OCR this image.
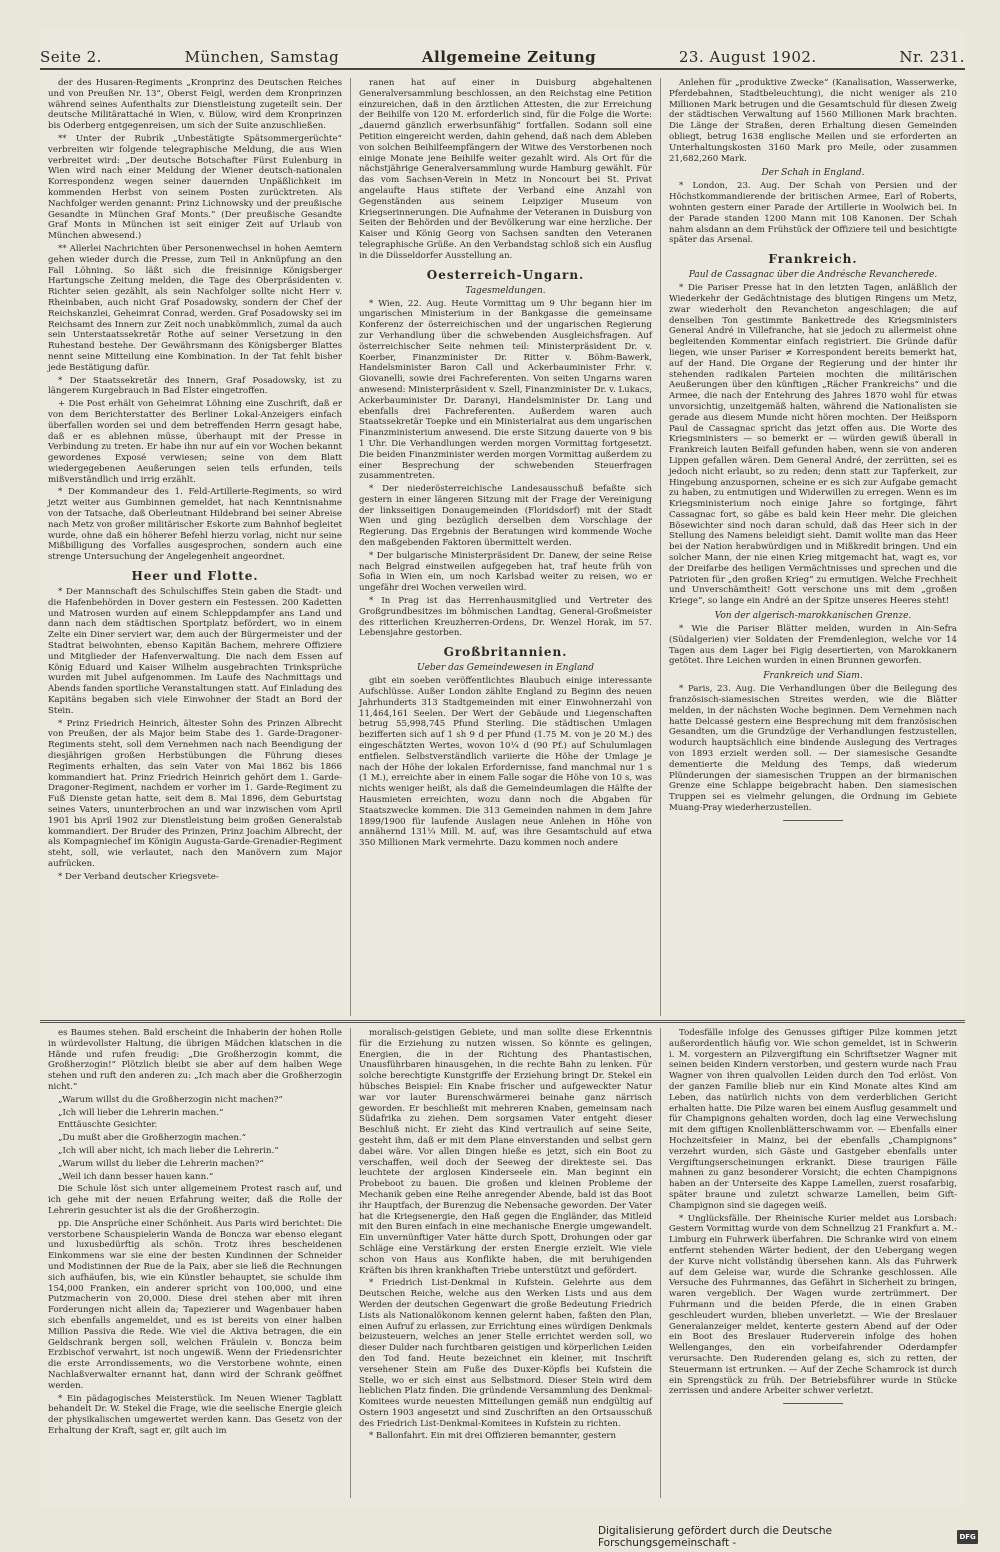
Seite 2.	München, Samstag	Allgemeine Zeitung	23. August 1902.	Nr. 231.

der des Husaren-Regiments „Kronprinz des Deutschen Reiches und von Preußen Nr. 13“, Oberst Feigl, werden dem Kronprinzen während seines Aufenthalts zur Dienstleistung zugeteilt sein. Der deutsche Militärattaché in Wien, v. Bülow, wird dem Kronprinzen bis Oderberg entgegenreisen, um sich der Suite anzuschließen.

** Unter der Rubrik „Unbestätigte Spätsommergerüchte“ verbreiten wir folgende telegraphische Meldung, die aus Wien verbreitet wird: „Der deutsche Botschafter Fürst Eulenburg in Wien wird nach einer Meldung der Wiener deutsch-nationalen Korrespondenz wegen seiner dauernden Unpäßlichkeit im kommenden Herbst von seinem Posten zurücktreten. Als Nachfolger werden genannt: Prinz Lichnowsky und der preußische Gesandte in München Graf Monts.“ (Der preußische Gesandte Graf Monts in München ist seit einiger Zeit auf Urlaub von München abwesend.)

** Allerlei Nachrichten über Personenwechsel in hohen Aemtern gehen wieder durch die Presse, zum Teil in Anknüpfung an den Fall Löhning. So läßt sich die freisinnige Königsberger Hartungsche Zeitung melden, die Tage des Oberpräsidenten v. Richter seien gezählt, als sein Nachfolger sollte nicht Herr v. Rheinbaben, auch nicht Graf Posadowsky, sondern der Chef der Reichskanzlei, Geheimrat Conrad, werden. Graf Posadowsky sei im Reichsamt des Innern zur Zeit noch unabkömmlich, zumal da auch sein Unterstaatssekretär Rothe auf seiner Versetzung in den Ruhestand bestehe. Der Gewährsmann des Königsberger Blattes nennt seine Mitteilung eine Kombination. In der Tat fehlt bisher jede Bestätigung dafür.

* Der Staatssekretär des Innern, Graf Posadowsky, ist zu längerem Kurgebrauch in Bad Elster eingetroffen.

+ Die Post erhält von Geheimrat Löhning eine Zuschrift, daß er von dem Berichterstatter des Berliner Lokal-Anzeigers einfach überfallen worden sei und dem betreffenden Herrn gesagt habe, daß er es ablehnen müsse, überhaupt mit der Presse in Verbindung zu treten. Er habe ihn nur auf ein vor Wochen bekannt gewordenes Exposé verwiesen; seine von dem Blatt wiedergegebenen Aeußerungen seien teils erfunden, teils mißverständlich und irrig erzählt.

* Der Kommandeur des 1. Feld-Artillerie-Regiments, so wird jetzt weiter aus Gumbinnen gemeldet, hat nach Kenntnisnahme von der Tatsache, daß Oberleutnant Hildebrand bei seiner Abreise nach Metz von großer militärischer Eskorte zum Bahnhof begleitet wurde, ohne daß ein höherer Befehl hierzu vorlag, nicht nur seine Mißbilligung des Vorfalles ausgesprochen, sondern auch eine strenge Untersuchung der Angelegenheit angeordnet.

Heer und Flotte.

* Der Mannschaft des Schulschiffes Stein gaben die Stadt- und die Hafenbehörden in Dover gestern ein Festessen. 200 Kadetten und Matrosen wurden auf einem Schleppdampfer ans Land und dann nach dem städtischen Sportplatz befördert, wo in einem Zelte ein Diner serviert war, dem auch der Bürgermeister und der Stadtrat beiwohnten, ebenso Kapitän Bachem, mehrere Offiziere und Mitglieder der Hafenverwaltung. Die nach dem Essen auf König Eduard und Kaiser Wilhelm ausgebrachten Trinksprüche wurden mit Jubel aufgenommen. Im Laufe des Nachmittags und Abends fanden sportliche Veranstaltungen statt. Auf Einladung des Kapitäns begaben sich viele Einwohner der Stadt an Bord der Stein.

* Prinz Friedrich Heinrich, ältester Sohn des Prinzen Albrecht von Preußen, der als Major beim Stabe des 1. Garde-Dragoner-Regiments steht, soll dem Vernehmen nach nach Beendigung der diesjährigen großen Herbstübungen die Führung dieses Regiments erhalten, das sein Vater von Mai 1862 bis 1866 kommandiert hat. Prinz Friedrich Heinrich gehört dem 1. Garde-Dragoner-Regiment, nachdem er vorher im 1. Garde-Regiment zu Fuß Dienste getan hatte, seit dem 8. Mai 1896, dem Geburtstag seines Vaters, ununterbrochen an und war inzwischen vom April 1901 bis April 1902 zur Dienstleistung beim großen Generalstab kommandiert. Der Bruder des Prinzen, Prinz Joachim Albrecht, der als Kompagniechef im Königin Augusta-Garde-Grenadier-Regiment steht, soll, wie verlautet, nach den Manövern zum Major aufrücken.

* Der Verband deutscher Kriegsvete-

ranen hat auf einer in Duisburg abgehaltenen Generalversammlung beschlossen, an den Reichstag eine Petition einzureichen, daß in den ärztlichen Attesten, die zur Erreichung der Beihilfe von 120 M. erforderlich sind, für die Folge die Worte: „dauernd gänzlich erwerbsunfähig“ fortfallen. Sodann soll eine Petition eingereicht werden, dahin gehend, daß nach dem Ableben von solchen Beihilfeempfängern der Witwe des Verstorbenen noch einige Monate jene Beihilfe weiter gezahlt wird. Als Ort für die nächstjährige Generalversammlung wurde Hamburg gewählt. Für das vom Sachsen-Verein in Metz in Noncourt bei St. Privat angelaufte Haus stiftete der Verband eine Anzahl von Gegenständen aus seinem Leipziger Museum von Kriegserinnerungen. Die Aufnahme der Veteranen in Duisburg von Seiten der Behörden und der Bevölkerung war eine herzliche. Der Kaiser und König Georg von Sachsen sandten den Veteranen telegraphische Grüße. An den Verbandstag schloß sich ein Ausflug in die Düsseldorfer Ausstellung an.

Oesterreich-Ungarn.
Tagesmeldungen.

* Wien, 22. Aug. Heute Vormittag um 9 Uhr begann hier im ungarischen Ministerium in der Bankgasse die gemeinsame Konferenz der österreichischen und der ungarischen Regierung zur Verhandlung über die schwebenden Ausgleichsfragen. Auf österreichischer Seite nehmen teil: Ministerpräsident Dr. v. Koerber, Finanzminister Dr. Ritter v. Böhm-Bawerk, Handelsminister Baron Call und Ackerbauminister Frhr. v. Giovanelli, sowie drei Fachreferenten. Von seiten Ungarns waren anwesend: Ministerpräsident v. Szell, Finanzminister Dr. v. Lukacs, Ackerbauminister Dr. Daranyi, Handelsminister Dr. Lang und ebenfalls drei Fachreferenten. Außerdem waren auch Staatssekretär Toepke und ein Ministerialrat aus dem ungarischen Finanzministerium anwesend. Die erste Sitzung dauerte von 9 bis 1 Uhr. Die Verhandlungen werden morgen Vormittag fortgesetzt. Die beiden Finanzminister werden morgen Vormittag außerdem zu einer Besprechung der schwebenden Steuerfragen zusammentreten.

* Der niederösterreichische Landesausschuß befaßte sich gestern in einer längeren Sitzung mit der Frage der Vereinigung der linksseitigen Donaugemeinden (Floridsdorf) mit der Stadt Wien und ging bezüglich derselben dem Vorschlage der Regierung. Das Ergebnis der Beratungen wird kommende Woche den maßgebenden Faktoren übermittelt werden.

* Der bulgarische Ministerpräsident Dr. Danew, der seine Reise nach Belgrad einstweilen aufgegeben hat, traf heute früh von Sofia in Wien ein, um noch Karlsbad weiter zu reisen, wo er ungefähr drei Wochen verweilen wird.

* In Prag ist das Herrenhausmitglied und Vertreter des Großgrundbesitzes im böhmischen Landtag, General-Großmeister des ritterlichen Kreuzherren-Ordens, Dr. Wenzel Horak, im 57. Lebensjahre gestorben.

Großbritannien.
Ueber das Gemeindewesen in England

gibt ein soeben veröffentlichtes Blaubuch einige interessante Aufschlüsse. Außer London zählte England zu Beginn des neuen Jahrhunderts 313 Stadtgemeinden mit einer Einwohnerzahl von 11,464,161 Seelen. Der Wert der Gebäude und Liegenschaften betrug 55,998,745 Pfund Sterling. Die städtischen Umlagen bezifferten sich auf 1 sh 9 d per Pfund (1.75 M. von je 20 M.) des eingeschätzten Wertes, wovon 10¼ d (90 Pf.) auf Schulumlagen entfielen. Selbstverständlich variierte die Höhe der Umlage je nach der Höhe der lokalen Erfordernisse, fand manchmal nur 1 s (1 M.), erreichte aber in einem Falle sogar die Höhe von 10 s, was nichts weniger heißt, als daß die Gemeindeumlagen die Hälfte der Hausmieten erreichten, wozu dann noch die Abgaben für Staatszwecke kommen. Die 313 Gemeinden nahmen in dem Jahre 1899/1900 für laufende Auslagen neue Anlehen in Höhe von annähernd 131¼ Mill. M. auf, was ihre Gesamtschuld auf etwa 350 Millionen Mark vermehrte. Dazu kommen noch andere

Anlehen für „produktive Zwecke“ (Kanalisation, Wasserwerke, Pferdebahnen, Stadtbeleuchtung), die nicht weniger als 210 Millionen Mark betrugen und die Gesamtschuld für diesen Zweig der städtischen Verwaltung auf 1560 Millionen Mark brachten. Die Länge der Straßen, deren Erhaltung diesen Gemeinden obliegt, betrug 1638 englische Meilen und sie erforderten an Unterhaltungskosten 3160 Mark pro Meile, oder zusammen 21,682,260 Mark.

Der Schah in England.

* London, 23. Aug. Der Schah von Persien und der Höchstkommandierende der britischen Armee, Earl of Roberts, wohnten gestern einer Parade der Artillerie in Woolwich bei. In der Parade standen 1200 Mann mit 108 Kanonen. Der Schah nahm alsdann an dem Frühstück der Offiziere teil und besichtigte später das Arsenal.

Frankreich.
Paul de Cassagnac über die Andrésche Revancherede.

* Die Pariser Presse hat in den letzten Tagen, anläßlich der Wiederkehr der Gedächtnistage des blutigen Ringens um Metz, zwar wiederholt den Revancheton angeschlagen; die auf denselben Ton gestimmte Bankettrede des Kriegsministers General André in Villefranche, hat sie jedoch zu allermeist ohne begleitenden Kommentar einfach registriert. Die Gründe dafür liegen, wie unser Pariser ≠ Korrespondent bereits bemerkt hat, auf der Hand. Die Organe der Regierung und der hinter ihr stehenden radikalen Parteien mochten die militärischen Aeußerungen über den künftigen „Rächer Frankreichs“ und die Armee, die nach der Entehrung des Jahres 1870 wohl für etwas unvorsichtig, unzeitgemäß halten, während die Nationalisten sie gerade aus diesem Munde nicht hören mochten. Der Heißsporn Paul de Cassagnac spricht das jetzt offen aus. Die Worte des Kriegsministers — so bemerkt er — würden gewiß überall in Frankreich lauten Beifall gefunden haben, wenn sie von anderen Lippen gefallen wären. Dem General André, der zerrütten, sei es jedoch nicht erlaubt, so zu reden; denn statt zur Tapferkeit, zur Hingebung anzuspornen, scheine er es sich zur Aufgabe gemacht zu haben, zu entmutigen und Widerwillen zu erregen. Wenn es im Kriegsministerium noch einige Jahre so fortginge, fährt Cassagnac fort, so gäbe es bald kein Heer mehr. Die gleichen Bösewichter sind noch daran schuld, daß das Heer sich in der Stellung des Namens beleidigt sieht. Damit wollte man das Heer bei der Nation herabwürdigen und in Mißkredit bringen. Und ein solcher Mann, der nie einen Krieg mitgemacht hat, wagt es, vor der Dreifarbe des heiligen Vermächtnisses und sprechen und die Patrioten für „den großen Krieg“ zu ermutigen. Welche Frechheit und Unverschämtheit! Gott verschone uns mit dem „großen Kriege“, so lange ein André an der Spitze unseres Heeres steht!

Von der algerisch-marokkanischen Grenze.

* Wie die Pariser Blätter melden, wurden in Ain-Sefra (Südalgerien) vier Soldaten der Fremdenlegion, welche vor 14 Tagen aus dem Lager bei Figig desertierten, von Marokkanern getötet. Ihre Leichen wurden in einen Brunnen geworfen.

Frankreich und Siam.

* Paris, 23. Aug. Die Verhandlungen über die Beilegung des französisch-siamesischen Streites werden, wie die Blätter melden, in der nächsten Woche beginnen. Dem Vernehmen nach hatte Delcassé gestern eine Besprechung mit dem französischen Gesandten, um die Grundzüge der Verhandlungen festzustellen, wodurch hauptsächlich eine bindende Auslegung des Vertrages von 1893 erzielt werden soll. — Der siamesische Gesandte dementierte die Meldung des Temps, daß wiederum Plünderungen der siamesischen Truppen an der birmanischen Grenze eine Schlappe beigebracht haben. Den siamesischen Truppen sei es vielmehr gelungen, die Ordnung im Gebiete Muang-Pray wiederherzustellen.

es Baumes stehen. Bald erscheint die Inhaberin der hohen Rolle in würdevollster Haltung, die übrigen Mädchen klatschen in die Hände und rufen freudig: „Die Großherzogin kommt, die Großherzogin!“ Plötzlich bleibt sie aber auf dem halben Wege stehen und ruft den anderen zu: „Ich mach aber die Großherzogin nicht.“

„Warum willst du die Großherzogin nicht machen?“

„Ich will lieber die Lehrerin machen.“

Enttäuschte Gesichter.

„Du mußt aber die Großherzogin machen.“

„Ich will aber nicht, ich mach lieber die Lehrerin.“

„Warum willst du lieber die Lehrerin machen?“

„Weil ich dann besser hauen kann.“

Die Schule löst sich unter allgemeinem Protest rasch auf, und ich gehe mit der neuen Erfahrung weiter, daß die Rolle der Lehrerin gesuchter ist als die der Großherzogin.

pp. Die Ansprüche einer Schönheit. Aus Paris wird berichtet: Die verstorbene Schauspielerin Wanda de Boncza war ebenso elegant und luxusbedürftig als schön. Trotz ihres bescheidenen Einkommens war sie eine der besten Kundinnen der Schneider und Modistinnen der Rue de la Paix, aber sie ließ die Rechnungen sich aufhäufen, bis, wie ein Künstler behauptet, sie schulde ihm 154,000 Franken, ein anderer spricht von 100,000, und eine Putzmacherin von 20,000. Diese drei stehen aber mit ihren Forderungen nicht allein da; Tapezierer und Wagenbauer haben sich ebenfalls angemeldet, und es ist bereits von einer halben Million Passiva die Rede. Wie viel die Aktiva betragen, die ein Geldschrank bergen soll, welchen Fräulein v. Boncza beim Erzbischof verwahrt, ist noch ungewiß. Wenn der Friedensrichter die erste Arrondissements, wo die Verstorbene wohnte, einen Nachlaßverwalter ernannt hat, dann wird der Schrank geöffnet werden.

* Ein pädagogisches Meisterstück. Im Neuen Wiener Tagblatt behandelt Dr. W. Stekel die Frage, wie die seelische Energie gleich der physikalischen umgewertet werden kann. Das Gesetz von der Erhaltung der Kraft, sagt er, gilt auch im

moralisch-geistigen Gebiete, und man sollte diese Erkenntnis für die Erziehung zu nutzen wissen. So könnte es gelingen, Energien, die in der Richtung des Phantastischen, Unausführbaren hinausgehen, in die rechte Bahn zu lenken. Für solche berechtigte Kunstgriffe der Erziehung bringt Dr. Stekel ein hübsches Beispiel: Ein Knabe frischer und aufgeweckter Natur war vor lauter Burenschwärmerei beinahe ganz närrisch geworden. Er beschließt mit mehreren Knaben, gemeinsam nach Südafrika zu ziehen. Dem sorgsamen Vater entgeht dieser Beschluß nicht. Er zieht das Kind vertraulich auf seine Seite, gesteht ihm, daß er mit dem Plane einverstanden und selbst gern dabei wäre. Vor allen Dingen hieße es jetzt, sich ein Boot zu verschaffen, weil doch der Seeweg der direkteste sei. Das leuchtete der arglosen Kinderseele ein. Man beginnt ein Probeboot zu bauen. Die großen und kleinen Probleme der Mechanik geben eine Reihe anregender Abende, bald ist das Boot ihr Hauptfach, der Burenzug die Nebensache geworden. Der Vater hat die Kriegsenergie, den Haß gegen die Engländer, das Mitleid mit den Buren einfach in eine mechanische Energie umgewandelt. Ein unvernünftiger Vater hätte durch Spott, Drohungen oder gar Schläge eine Verstärkung der ersten Energie erzielt. Wie viele schon von Haus aus Konflikte haben, die mit beruhigenden Kräften bis ihren krankhaften Triebe unterstützt und gefördert.

* Friedrich List-Denkmal in Kufstein. Gelehrte aus dem Deutschen Reiche, welche aus den Werken Lists und aus dem Werden der deutschen Gegenwart die große Bedeutung Friedrich Lists als Nationalökonom kennen gelernt haben, faßten den Plan, einen Aufruf zu erlassen, zur Errichtung eines würdigen Denkmals beizusteuern, welches an jener Stelle errichtet werden soll, wo dieser Dulder nach furchtbaren geistigen und körperlichen Leiden den Tod fand. Heute bezeichnet ein kleiner, mit Inschrift versehener Stein am Fuße des Duxer-Köpfls bei Kufstein die Stelle, wo er sich einst aus Selbstmord. Dieser Stein wird dem lieblichen Platz finden. Die gründende Versammlung des Denkmal-Komitees wurde neuesten Mitteilungen gemäß nun endgültig auf Ostern 1903 angesetzt und sind Zuschriften an den Ortsausschuß des Friedrich List-Denkmal-Komitees in Kufstein zu richten.

* Ballonfahrt. Ein mit drei Offizieren bemannter, gestern

Todesfälle infolge des Genusses giftiger Pilze kommen jetzt außerordentlich häufig vor. Wie schon gemeldet, ist in Schwerin i. M. vorgestern an Pilzvergiftung ein Schriftsetzer Wagner mit seinen beiden Kindern verstorben, und gestern wurde nach Frau Wagner von ihren qualvollen Leiden durch den Tod erlöst. Von der ganzen Familie blieb nur ein Kind Monate altes Kind am Leben, das natürlich nichts von dem verderblichen Gericht erhalten hatte. Die Pilze waren bei einem Ausflug gesammelt und für Champignons gehalten worden, doch lag eine Verwechslung mit dem giftigen Knollenblätterschwamm vor. — Ebenfalls einer Hochzeitsfeier in Mainz, bei der ebenfalls „Champignons“ verzehrt wurden, sich Gäste und Gastgeber ebenfalls unter Vergiftungserscheinungen erkrankt. Diese traurigen Fälle mahnen zu ganz besonderer Vorsicht; die echten Champignons haben an der Unterseite des Kappe Lamellen, zuerst rosafarbig, später braune und zuletzt schwarze Lamellen, beim Gift-Champignon sind sie dagegen weiß.

* Unglücksfälle. Der Rheinische Kurier meldet aus Lorsbach: Gestern Vormittag wurde von dem Schnellzug 21 Frankfurt a. M.-Limburg ein Fuhrwerk überfahren. Die Schranke wird von einem entfernt stehenden Wärter bedient, der den Uebergang wegen der Kurve nicht vollständig übersehen kann. Als das Fuhrwerk auf dem Geleise war, wurde die Schranke geschlossen. Alle Versuche des Fuhrmannes, das Gefährt in Sicherheit zu bringen, waren vergeblich. Der Wagen wurde zertrümmert. Der Fuhrmann und die beiden Pferde, die in einen Graben geschleudert wurden, blieben unverletzt. — Wie der Breslauer Generalanzeiger meldet, kenterte gestern Abend auf der Oder ein Boot des Breslauer Ruderverein infolge des hohen Wellenganges, den ein vorbeifahrender Oderdampfer verursachte. Den Ruderenden gelang es, sich zu retten, der Steuermann ist ertrunken. — Auf der Zeche Schamrock ist durch ein Sprengstück zu früh. Der Betriebsführer wurde in Stücke zerrissen und andere Arbeiter schwer verletzt.

Digitalisierung gefördert durch die Deutsche Forschungsgemeinschaft -	DFG
